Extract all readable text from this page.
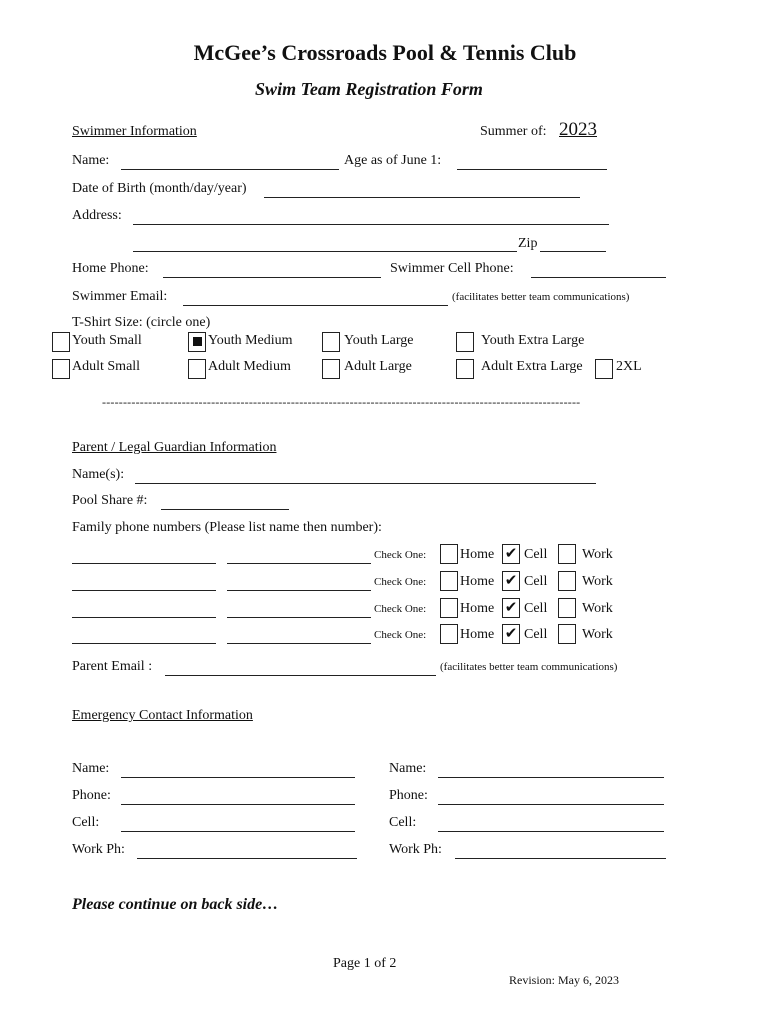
McGee’s Crossroads Pool & Tennis Club
Swim Team Registration Form
Swimmer Information	Summer of: 2023
Name:	Age as of June 1:
Date of Birth (month/day/year)
Address:
Zip
Home Phone:	Swimmer Cell Phone:
Swimmer Email:	(facilitates better team communications)
T-Shirt Size: (circle one)
Youth Small	Youth Medium	Youth Large	Youth Extra Large
Adult Small	Adult Medium	Adult Large	Adult Extra Large 2XL
------------------------------------------------------------------------------------------------------------------
Parent / Legal Guardian Information
Name(s):
Pool Share #:
Family phone numbers (Please list name then number):
Check One: Home ✔ Cell Work
Check One: Home ✔ Cell Work
Check One: Home ✔ Cell Work
Check One: Home ✔ Cell Work
Parent Email :	(facilitates better team communications)
Emergency Contact Information
Name:	Name:
Phone:	Phone:
Cell:	Cell:
Work Ph:	Work Ph:
Please continue on back side…
Page 1 of 2
Revision: May 6, 2023
